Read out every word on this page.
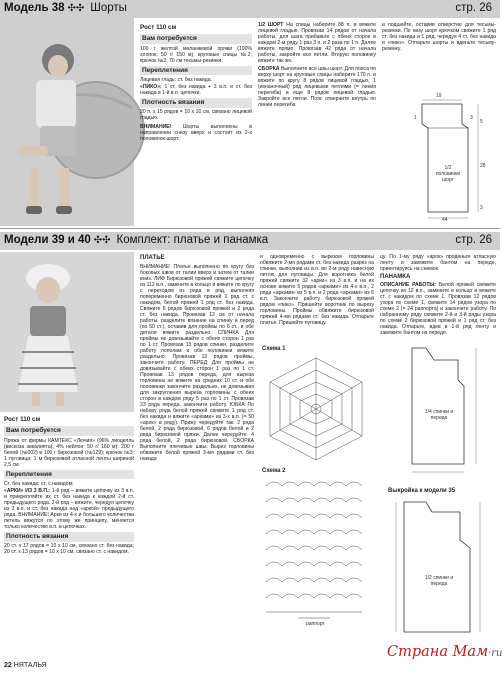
Модель 38 ✣✣ Шорты	стр. 26
Рост 110 см
Вам потребуется

100 г желтой меланжевой пряжи (100% хлопок; 50 г/ 150 м); круговые спицы №2; крючок №2; 70 см тесьмы-резинки.

Переплетения

Лицевая гладь: ст. без накида.

«ПИКО»: 1 ст. без накида + 3 в.п. и ст. без накида в 1-й в.п. цепочки.

Плотность вязания

20 п. x 15 рядов = 10 x 10 см, связано лицевой гладью.

ВНИМАНИЕ! Шорты выполнены в направлении снизу вверх и состоят из 2-х половинок-шорт.

1/2 ШОРТ На спицы наберите 88 п. и вяжите лицевой гладью. Провязав 14 рядов от начала работы, для шага прибавьте с обеих сторон в каждом 2-м ряду 1 раз 3 п. и 2 раза по 1 п. Далее вяжите прямо. Провязав 42 ряда от начала работы, закройте все петли. Вторую половинку вяжите так же.

СБОРКА Выполните все швы шорт. Для пояса по верху шорт на круговые спицы наберите 170 п. и вяжите по кругу 8 рядов лицевой гладью, 1 (изнаночный) ряд лицевыми петлями (= линия перегиба) и еще 8 рядов лицевой гладью. Закройте все петли. Пояс отверните внутрь по линии перегиба

и подшейте, оставив отверстие для тесьмы-резинки. По низу шорт крючком свяжите 1 ряд ст. без накида и 1 ряд, чередуя 4 ст. без накида и «пико». Отпарьте шорты и вденьте тесьму-резинку.

19
1	3
5
28
44
3
1/2 половинки шорт
Модели 39 и 40 ✣✣ Комплект: платье и панамка	стр. 26
Рост 110 см
Вам потребуется

Пряжа от фирмы КАМТЕКС «Лючия» (96% лиоцелль (вискоза эвкалипта), 4% нейлон; 50 г/ 160 м): 200 г белой (№002) и 100 г бирюзовой (№129); крючок №3; 1 пуговица; 1 м бирюзовой атласной ленты шириной 2,5 см.

Переплетения

Ст. без накида; ст. с накидом;

«АРКИ» ИЗ 3 В.П.: 1-й ряд – вяжите цепочку из 3 в.п. и прикрепляйте их ст. без накида к каждой 2-й ст. предыдущего ряда. 2-й ряд – вяжите, чередуя цепочку из 3 в.п. и ст. без накида над «аркой» предыдущего ряда. ВНИМАНИЕ! Арки из 4-х и большего количества петель вяжутся по этому же принципу, меняется только количество в.п. в цепочках.

Плотность вязания

20 ст. x 17 рядов = 10 x 10 см, связано ст. без накида; 20 ст. x 13 рядов = 10 x 10 см, связано ст. с накидом.

ПЛАТЬЕ

ВНИМАНИЕ! Платье выполнено по кругу без боковых швов от талии вверх и затем от талии вниз. ЛИФ Бирюзовой пряжей свяжите цепочку из 112 в.п., замкните в кольцо и вяжите по кругу с переходом из ряда в ряд, выполняя попеременно бирюзовой пряжей 1 ряд ст. с накидом, белой пряжей 1 ряд ст. без накида. Свяжите 6 рядов бирюзовой пряжей и 2 ряда ст. без накида. Провязав 12 см от начала работы, разделите вязание на спинку и перед (по 50 ст.), оставив для проймы по 6 ст., и обе детали вяжите раздельно. СПИНКА Для проймы не довязывайте с обеих сторон 1 раз по 1 ст. Провязав 13 рядов спинки, разделите работу пополам и обе половинки вяжите раздельно. Провязав 13 рядов проймы, закончите работу. ПЕРЕД Для проймы не довязывайте с обеих сторон 1 раз по 1 ст. Провязав 13 рядов переда, для выреза горловины не вяжите на средних 10 ст. и обе половинки закончите раздельно, не довязывая для закругления выреза горловины с обеих сторон в каждом ряду 5 раз по 1 ст. Провязав 23 ряда переда, закончите работу. ЮБКА По набору ряда белой пряжей свяжите 1 ряд ст. без накида и вяжите «арками» из 3-х в.п. (= 50 «арок» в ряду). Прижу чередуйте так: 2 ряда белой, 2 ряда бирюзовой, 6 рядов белой и 2 ряда бирюзовой пряжи. Далее чередуйте: 4 ряда белой, 2 ряда бирюзовой. СБОРКА Выполните плечевые швы. Вырез горловины обвяжите белой пряжей 3-мя рядами ст. без накида

и одновременно с вырезом горловины обвяжите 2-мя рядами ст. без накида разрез на спинке, выполнив из в.п. во 2-м ряду навесную петлю для пуговицы. Для воротника белой пряжей свяжите 32 «арки» из 3 в.п. и на их основе вяжите 5 рядов «арками» из 4-х в.п., 2 ряда «арками» из 5 в.п. и 2 ряда «арками» из 6 в.п. Закончите работу бирюзовой пряжей рядом «пико». Пришейте воротник по вырезу горловины. Проймы обвяжите бирюзовой пряжей 4-мя рядами ст. без накида. Отпарьте платье. Пришейте пуговицу.

цу. По 1-му ряду «арок» проденьте атласную ленту и завяжите бантом на переде, ориентируясь на снимок.

ПАНАМКА

ОПИСАНИЕ РАБОТЫ: Белой пряжей свяжите цепочку из 12 в.п., замкните в кольцо и вяжите ст. с накидом по схеме 1. Провязав 12 рядов узора по схеме 1, свяжите 14 рядов узора по схеме 2 (= 24 раппорта) и закончите работу. По набранному ряду свяжите 2-й и 3-й ряды узора по схеме 2 бирюзовой пряжей и 1 ряд ст. без накида. Отпарьте, вдев в 1-й ряд ленту и завяжите бантом на переде.

Схема 1
Схема 2
раппорт
1/4 спинки и переда
Выкройка к модели 35
1/2 спинки и переда
22 НЯТАЛЬЯ
Страна Мам·ru
